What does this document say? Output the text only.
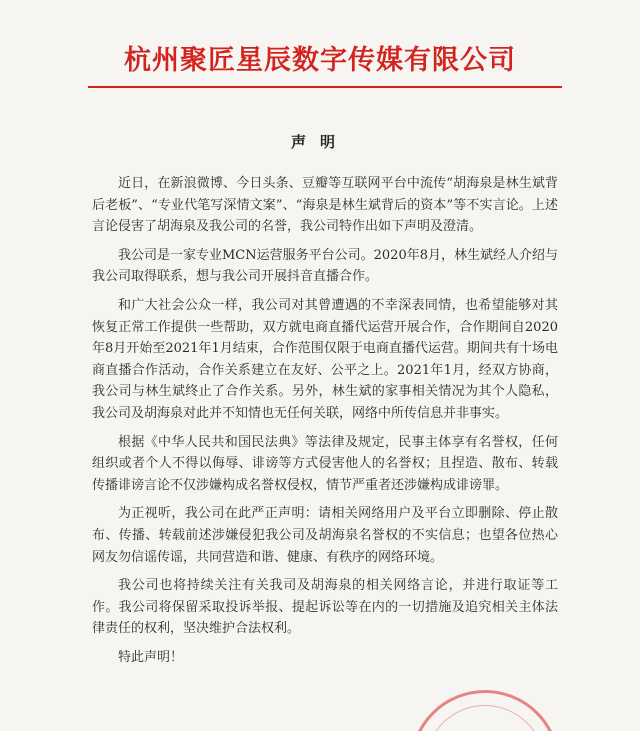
杭州聚匠星辰数字传媒有限公司
声明

近日，在新浪微博、今日头条、豆瓣等互联网平台中流传“胡海泉是林生斌背后老板”、“专业代笔写深情文案”、“海泉是林生斌背后的资本”等不实言论。上述言论侵害了胡海泉及我公司的名誉，我公司特作出如下声明及澄清。

我公司是一家专业MCN运营服务平台公司。2020年8月，林生斌经人介绍与我公司取得联系，想与我公司开展抖音直播合作。

和广大社会公众一样，我公司对其曾遭遇的不幸深表同情，也希望能够对其恢复正常工作提供一些帮助，双方就电商直播代运营开展合作，合作期间自2020年8月开始至2021年1月结束，合作范围仅限于电商直播代运营。期间共有十场电商直播合作活动，合作关系建立在友好、公平之上。2021年1月，经双方协商，我公司与林生斌终止了合作关系。另外，林生斌的家事相关情况为其个人隐私，我公司及胡海泉对此并不知情也无任何关联，网络中所传信息并非事实。

根据《中华人民共和国民法典》等法律及规定，民事主体享有名誉权，任何组织或者个人不得以侮辱、诽谤等方式侵害他人的名誉权；且捏造、散布、转载传播诽谤言论不仅涉嫌构成名誉权侵权，情节严重者还涉嫌构成诽谤罪。

为正视听，我公司在此严正声明：请相关网络用户及平台立即删除、停止散布、传播、转载前述涉嫌侵犯我公司及胡海泉名誉权的不实信息；也望各位热心网友勿信谣传谣，共同营造和谐、健康、有秩序的网络环境。

我公司也将持续关注有关我司及胡海泉的相关网络言论，并进行取证等工作。我公司将保留采取投诉举报、提起诉讼等在内的一切措施及追究相关主体法律责任的权利，坚决维护合法权利。

特此声明！
